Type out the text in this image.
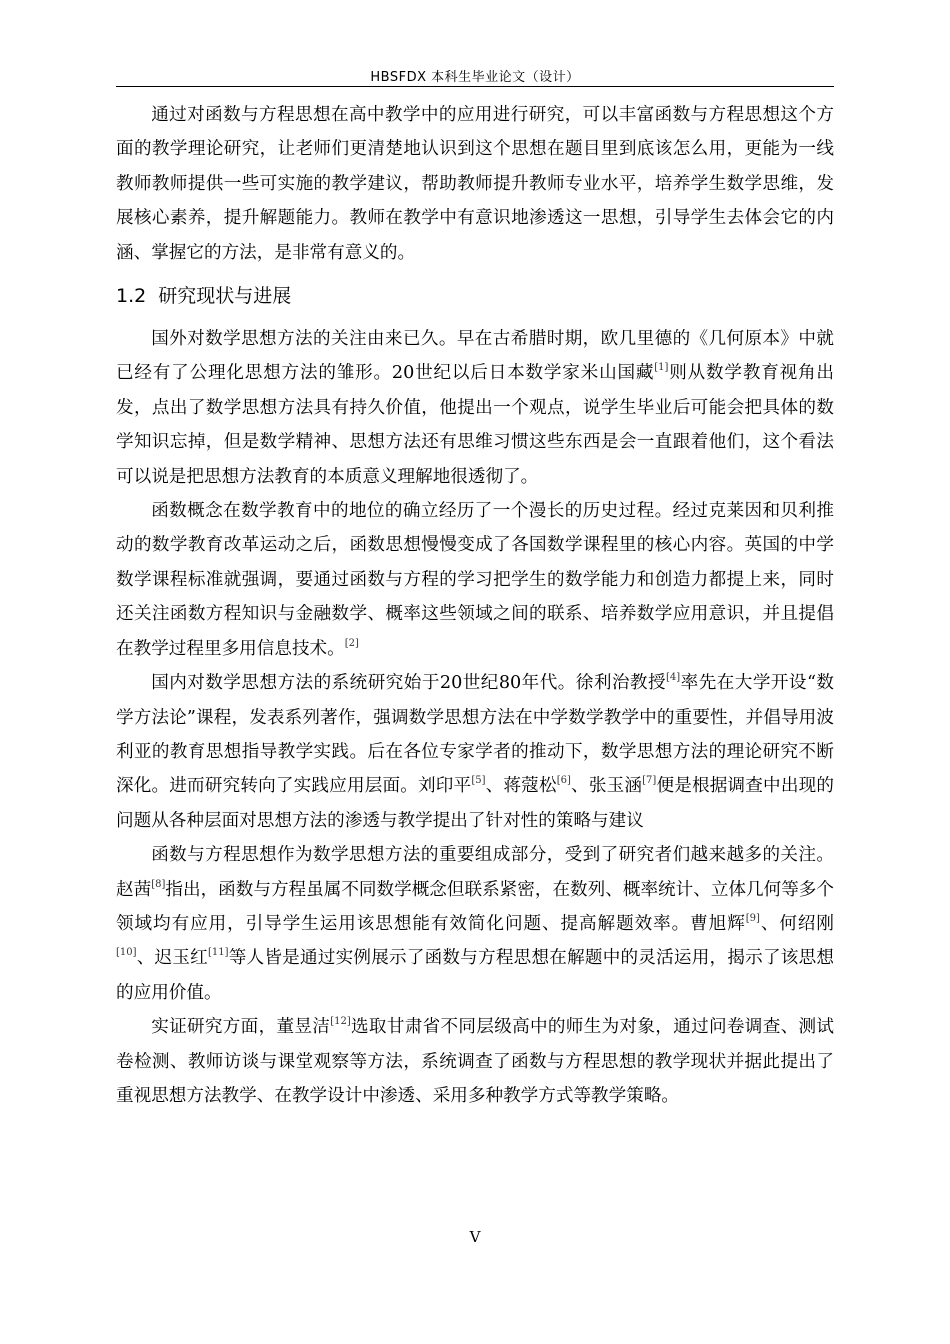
HBSFDX 本科生毕业论文（设计）

通过对函数与方程思想在高中教学中的应用进行研究，可以丰富函数与方程思想这个方面的教学理论研究，让老师们更清楚地认识到这个思想在题目里到底该怎么用，更能为一线教师教师提供一些可实施的教学建议，帮助教师提升教师专业水平，培养学生数学思维，发展核心素养，提升解题能力。教师在教学中有意识地渗透这一思想，引导学生去体会它的内涵、掌握它的方法，是非常有意义的。

1.2 研究现状与进展

国外对数学思想方法的关注由来已久。早在古希腊时期，欧几里德的《几何原本》中就已经有了公理化思想方法的雏形。20世纪以后日本数学家米山国藏[1]则从数学教育视角出发，点出了数学思想方法具有持久价值，他提出一个观点，说学生毕业后可能会把具体的数学知识忘掉，但是数学精神、思想方法还有思维习惯这些东西是会一直跟着他们，这个看法可以说是把思想方法教育的本质意义理解地很透彻了。

函数概念在数学教育中的地位的确立经历了一个漫长的历史过程。经过克莱因和贝利推动的数学教育改革运动之后，函数思想慢慢变成了各国数学课程里的核心内容。英国的中学数学课程标准就强调，要通过函数与方程的学习把学生的数学能力和创造力都提上来，同时还关注函数方程知识与金融数学、概率这些领域之间的联系、培养数学应用意识，并且提倡在教学过程里多用信息技术。[2]

国内对数学思想方法的系统研究始于20世纪80年代。徐利治教授[4]率先在大学开设“数学方法论”课程，发表系列著作，强调数学思想方法在中学数学教学中的重要性，并倡导用波利亚的教育思想指导教学实践。后在各位专家学者的推动下，数学思想方法的理论研究不断深化。进而研究转向了实践应用层面。刘印平[5]、蒋蔻松[6]、张玉涵[7]便是根据调查中出现的问题从各种层面对思想方法的渗透与教学提出了针对性的策略与建议

函数与方程思想作为数学思想方法的重要组成部分，受到了研究者们越来越多的关注。赵茜[8]指出，函数与方程虽属不同数学概念但联系紧密，在数列、概率统计、立体几何等多个领域均有应用，引导学生运用该思想能有效简化问题、提高解题效率。曹旭辉[9]、何绍刚[10]、迟玉红[11]等人皆是通过实例展示了函数与方程思想在解题中的灵活运用，揭示了该思想的应用价值。

实证研究方面，董昱洁[12]选取甘肃省不同层级高中的师生为对象，通过问卷调查、测试卷检测、教师访谈与课堂观察等方法，系统调查了函数与方程思想的教学现状并据此提出了重视思想方法教学、在教学设计中渗透、采用多种教学方式等教学策略。

V
